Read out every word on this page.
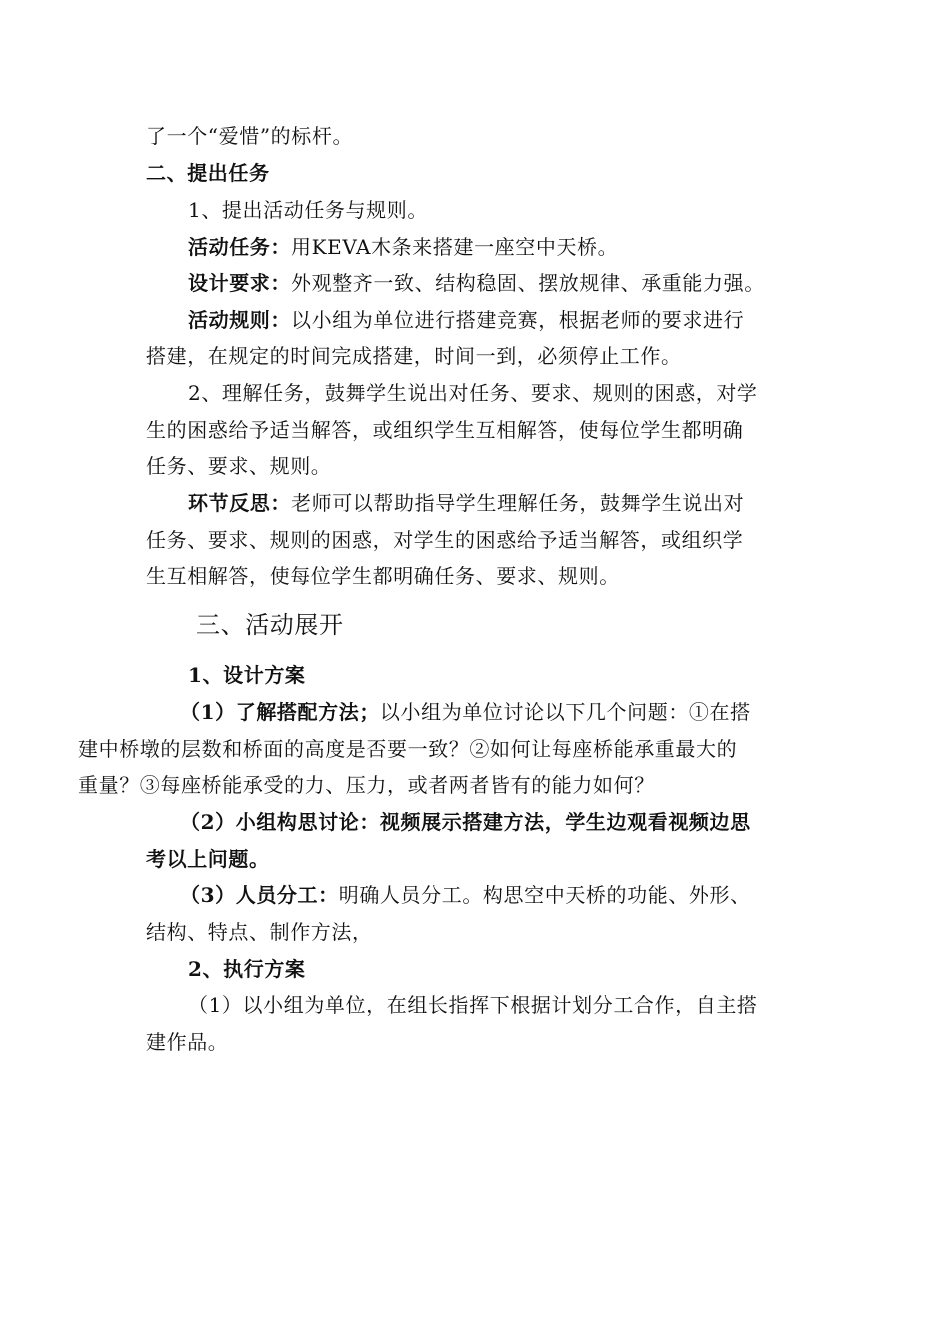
了一个“爱惜”的标杆。
二、提出任务
1、提出活动任务与规则。
活动任务：用KEVA木条来搭建一座空中天桥。
设计要求：外观整齐一致、结构稳固、摆放规律、承重能力强。
活动规则：以小组为单位进行搭建竞赛，根据老师的要求进行
搭建，在规定的时间完成搭建，时间一到，必须停止工作。
2、理解任务，鼓舞学生说出对任务、要求、规则的困惑，对学
生的困惑给予适当解答，或组织学生互相解答，使每位学生都明确
任务、要求、规则。
环节反思：老师可以帮助指导学生理解任务，鼓舞学生说出对
任务、要求、规则的困惑，对学生的困惑给予适当解答，或组织学
生互相解答，使每位学生都明确任务、要求、规则。
三、活动展开
1、设计方案
（1）了解搭配方法；以小组为单位讨论以下几个问题：①在搭
建中桥墩的层数和桥面的高度是否要一致？②如何让每座桥能承重最大的
重量？③每座桥能承受的力、压力，或者两者皆有的能力如何？
（2）小组构思讨论：视频展示搭建方法，学生边观看视频边思
考以上问题。
（3）人员分工：明确人员分工。构思空中天桥的功能、外形、
结构、特点、制作方法，
2、执行方案
（1）以小组为单位，在组长指挥下根据计划分工合作，自主搭
建作品。
